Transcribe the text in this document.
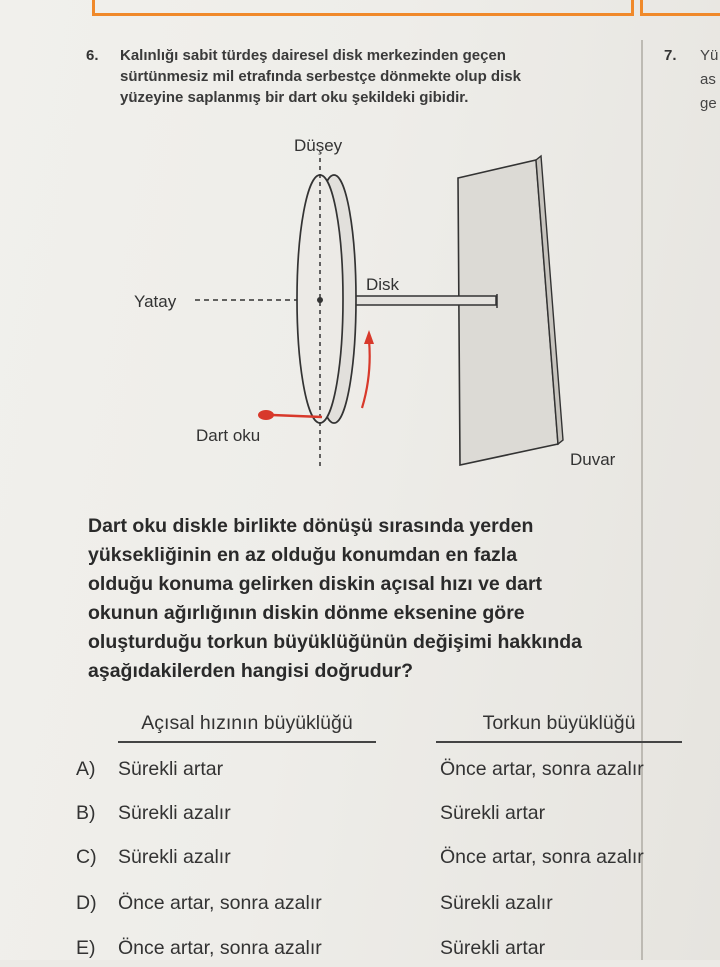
6. Kalınlığı sabit türdeş dairesel disk merkezinden geçen
sürtünmesiz mil etrafında serbestçe dönmekte olup disk
yüzeyine saplanmış bir dart oku şekildeki gibidir.

7. Yü
as
ge
Düşey
Yatay
Disk
Dart oku
Duvar

Dart oku diskle birlikte dönüşü sırasında yerden
yüksekliğinin en az olduğu konumdan en fazla
olduğu konuma gelirken diskin açısal hızı ve dart
okunun ağırlığının diskin dönme eksenine göre
oluşturduğu torkun büyüklüğünün değişimi hakkında
aşağıdakilerden hangisi doğrudur?

Açısal hızının büyüklüğü	Torkun büyüklüğü
A) Sürekli artar	Önce artar, sonra azalır
B) Sürekli azalır	Sürekli artar
C) Sürekli azalır	Önce artar, sonra azalır
D) Önce artar, sonra azalır	Sürekli azalır
E) Önce artar, sonra azalır	Sürekli artar
